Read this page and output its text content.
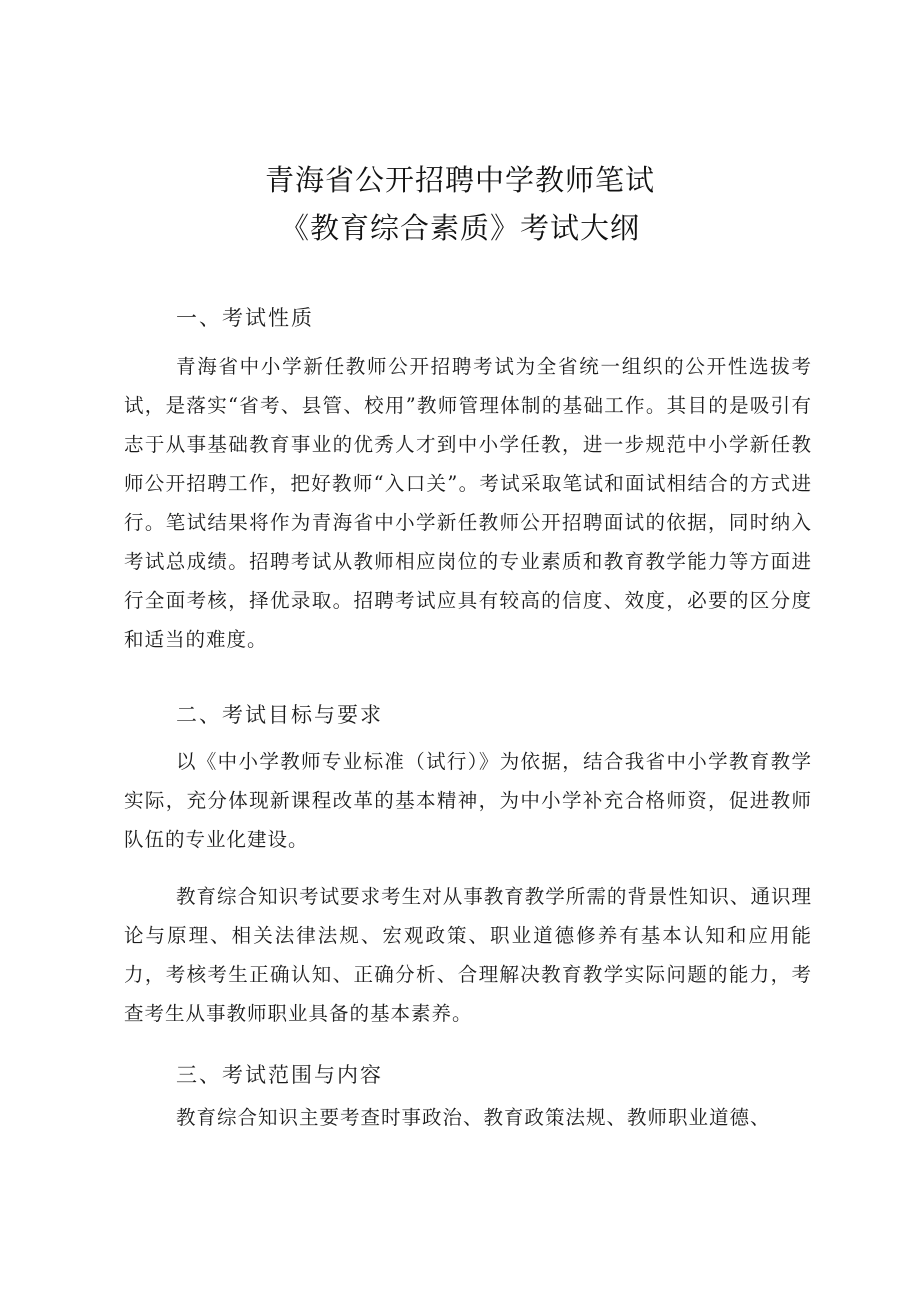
青海省公开招聘中学教师笔试
《教育综合素质》考试大纲
一、考试性质

青海省中小学新任教师公开招聘考试为全省统一组织的公开性选拔考试，是落实“省考、县管、校用”教师管理体制的基础工作。其目的是吸引有志于从事基础教育事业的优秀人才到中小学任教，进一步规范中小学新任教师公开招聘工作，把好教师“入口关”。考试采取笔试和面试相结合的方式进行。笔试结果将作为青海省中小学新任教师公开招聘面试的依据，同时纳入考试总成绩。招聘考试从教师相应岗位的专业素质和教育教学能力等方面进行全面考核，择优录取。招聘考试应具有较高的信度、效度，必要的区分度和适当的难度。

二、考试目标与要求

以《中小学教师专业标准（试行）》为依据，结合我省中小学教育教学实际，充分体现新课程改革的基本精神，为中小学补充合格师资，促进教师队伍的专业化建设。

教育综合知识考试要求考生对从事教育教学所需的背景性知识、通识理论与原理、相关法律法规、宏观政策、职业道德修养有基本认知和应用能力，考核考生正确认知、正确分析、合理解决教育教学实际问题的能力，考查考生从事教师职业具备的基本素养。

三、考试范围与内容

教育综合知识主要考查时事政治、教育政策法规、教师职业道德、
